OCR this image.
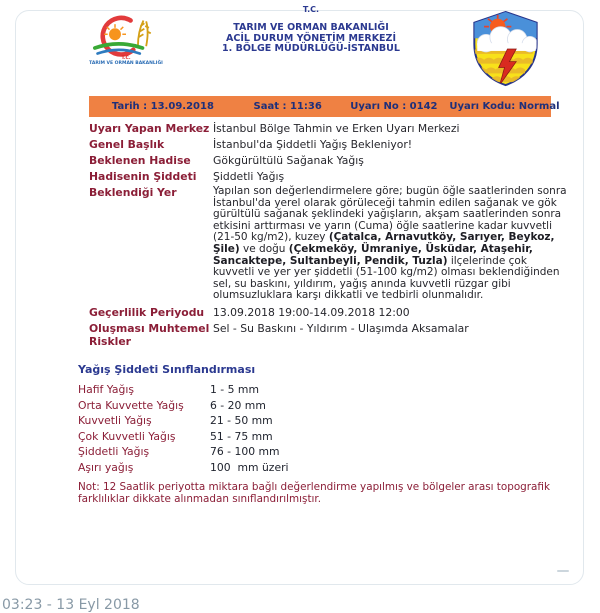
T.C.
T.C.
TARIM VE ORMAN BAKANLIĞI
TARIM VE ORMAN BAKANLIĞI
ACİL DURUM YÖNETİM MERKEZİ
1. BÖLGE MÜDÜRLÜĞÜ-İSTANBUL
Tarih : 13.09.2018	Saat : 11:36	Uyarı No : 0142	Uyarı Kodu: Normal
Uyarı Yapan Merkez İstanbul Bölge Tahmin ve Erken Uyarı Merkezi
Genel Başlık	İstanbul'da Şiddetli Yağış Bekleniyor!
Beklenen Hadise	Gökgürültülü Sağanak Yağış
Hadisenin Şiddeti	Şiddetli Yağış
Beklendiği Yer	Yapılan son değerlendirmelere göre; bugün öğle saatlerinden sonra İstanbul'da yerel olarak görüleceği tahmin edilen sağanak ve gök gürültülü sağanak şeklindeki yağışların, akşam saatlerinden sonra etkisini arttırması ve yarın (Cuma) öğle saatlerine kadar kuvvetli (21-50 kg/m2), kuzey (Çatalca, Arnavutköy, Sarıyer, Beykoz, Şile) ve doğu (Çekmeköy, Ümraniye, Üsküdar, Ataşehir, Sancaktepe, Sultanbeyli, Pendik, Tuzla) ilçelerinde çok kuvvetli ve yer yer şiddetli (51-100 kg/m2) olması beklendiğinden sel, su baskını, yıldırım, yağış anında kuvvetli rüzgar gibi olumsuzluklara karşı dikkatli ve tedbirli olunmalıdır.
Geçerlilik Periyodu 13.09.2018 19:00-14.09.2018 12:00
Oluşması Muhtemel Riskler
Sel - Su Baskını - Yıldırım - Ulaşımda Aksamalar
Yağış Şiddeti Sınıflandırması
Hafif Yağış	1 - 5 mm
Orta Kuvvette Yağış	6 - 20 mm
Kuvvetli Yağış	21 - 50 mm
Çok Kuvvetli Yağış	51 - 75 mm
Şiddetli Yağış	76 - 100 mm
Aşırı yağış	100  mm üzeri
Not: 12 Saatlik periyotta miktara bağlı değerlendirme yapılmış ve bölgeler arası topografik farklılıklar dikkate alınmadan sınıflandırılmıştır.
03:23 - 13 Eyl 2018
